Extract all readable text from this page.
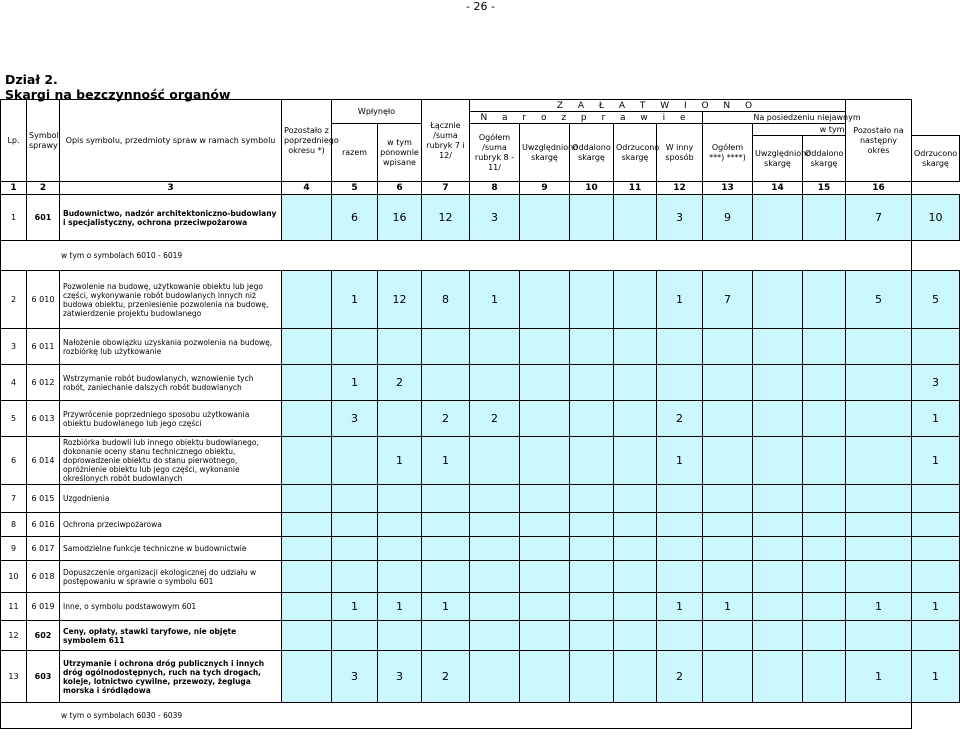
- 26 -
Dział 2.
Skargi na bezczynność organów
Lp.	Symbol sprawy	Opis symbolu, przedmioty spraw w ramach symbolu	Pozostało z poprzedniego okresu *)	Wpłynęło		Łącznie /suma rubryk 7 i 12/	Z A Ł A T W I O N O								Pozostało na następny okres	
							N a r o z p r a w i e					Na posiedzeniu niejawnym				
				razem	w tym ponownie wpisane		Ogółem /suma rubryk 8 - 11/	Uwzględniono skargę	Oddalono skargę	Odrzucono skargę	W inny sposób	Ogółem ***) ****)	w tym			
													Uwzględniono skargę	Oddalono skargę		Odrzucono skargę
1	2	3	4	5	6	7	8	9	10	11	12	13	14	15	16	
1	601	Budownictwo, nadzór architektoniczno-budowlany i specjalistyczny, ochrona przeciwpożarowa		6	16	12	3				3	9			7	10
w tym o symbolach 6010 - 6019																
2	6 010	Pozwolenie na budowę, użytkowanie obiektu lub jego części, wykonywanie robót budowlanych innych niż budowa obiektu, przeniesienie pozwolenia na budowę, zatwierdzenie projektu budowlanego		1	12	8	1				1	7			5	5
3	6 011	Nałożenie obowiązku uzyskania pozwolenia na budowę, rozbiórkę lub użytkowanie														
4	6 012	Wstrzymanie robót budowlanych, wznowienie tych robót, zaniechanie dalszych robót budowlanych		1	2											3
5	6 013	Przywrócenie poprzedniego sposobu użytkowania obiektu budowlanego lub jego części		3		2	2				2					1
6	6 014	Rozbiórka budowli lub innego obiektu budowlanego, dokonanie oceny stanu technicznego obiektu, doprowadzenie obiektu do stanu pierwotnego, opróżnienie obiektu lub jego części, wykonanie określonych robót budowlanych			1	1					1					1
7	6 015	Uzgodnienia														
8	6 016	Ochrona przeciwpożarowa														
9	6 017	Samodzielne funkcje techniczne w budownictwie														
10	6 018	Dopuszczenie organizacji ekologicznej do udziału w postępowaniu w sprawie o symbolu 601														
11	6 019	Inne, o symbolu podstawowym 601		1	1	1					1	1			1	1
12	602	Ceny, opłaty, stawki taryfowe, nie objęte symbolem 611														
13	603	Utrzymanie i ochrona dróg publicznych i innych dróg ogólnodostępnych, ruch na tych drogach, koleje, lotnictwo cywilne, przewozy, żegluga morska i śródlądowa		3	3	2					2				1	1
w tym o symbolach 6030 - 6039																
